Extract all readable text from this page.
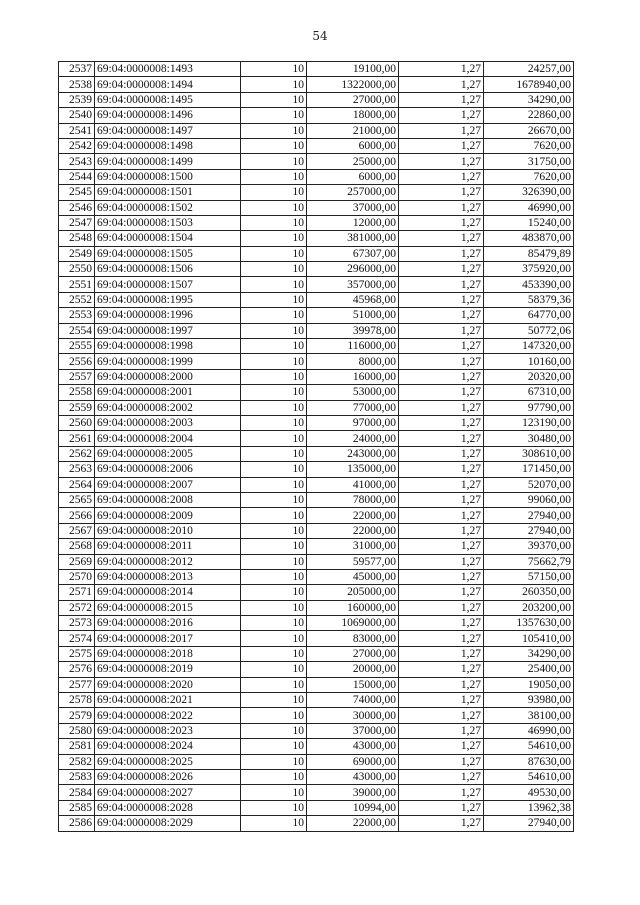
54
2537	69:04:0000008:1493	10	19100,00	1,27	24257,00
2538	69:04:0000008:1494	10	1322000,00	1,27	1678940,00
2539	69:04:0000008:1495	10	27000,00	1,27	34290,00
2540	69:04:0000008:1496	10	18000,00	1,27	22860,00
2541	69:04:0000008:1497	10	21000,00	1,27	26670,00
2542	69:04:0000008:1498	10	6000,00	1,27	7620,00
2543	69:04:0000008:1499	10	25000,00	1,27	31750,00
2544	69:04:0000008:1500	10	6000,00	1,27	7620,00
2545	69:04:0000008:1501	10	257000,00	1,27	326390,00
2546	69:04:0000008:1502	10	37000,00	1,27	46990,00
2547	69:04:0000008:1503	10	12000,00	1,27	15240,00
2548	69:04:0000008:1504	10	381000,00	1,27	483870,00
2549	69:04:0000008:1505	10	67307,00	1,27	85479,89
2550	69:04:0000008:1506	10	296000,00	1,27	375920,00
2551	69:04:0000008:1507	10	357000,00	1,27	453390,00
2552	69:04:0000008:1995	10	45968,00	1,27	58379,36
2553	69:04:0000008:1996	10	51000,00	1,27	64770,00
2554	69:04:0000008:1997	10	39978,00	1,27	50772,06
2555	69:04:0000008:1998	10	116000,00	1,27	147320,00
2556	69:04:0000008:1999	10	8000,00	1,27	10160,00
2557	69:04:0000008:2000	10	16000,00	1,27	20320,00
2558	69:04:0000008:2001	10	53000,00	1,27	67310,00
2559	69:04:0000008:2002	10	77000,00	1,27	97790,00
2560	69:04:0000008:2003	10	97000,00	1,27	123190,00
2561	69:04:0000008:2004	10	24000,00	1,27	30480,00
2562	69:04:0000008:2005	10	243000,00	1,27	308610,00
2563	69:04:0000008:2006	10	135000,00	1,27	171450,00
2564	69:04:0000008:2007	10	41000,00	1,27	52070,00
2565	69:04:0000008:2008	10	78000,00	1,27	99060,00
2566	69:04:0000008:2009	10	22000,00	1,27	27940,00
2567	69:04:0000008:2010	10	22000,00	1,27	27940,00
2568	69:04:0000008:2011	10	31000,00	1,27	39370,00
2569	69:04:0000008:2012	10	59577,00	1,27	75662,79
2570	69:04:0000008:2013	10	45000,00	1,27	57150,00
2571	69:04:0000008:2014	10	205000,00	1,27	260350,00
2572	69:04:0000008:2015	10	160000,00	1,27	203200,00
2573	69:04:0000008:2016	10	1069000,00	1,27	1357630,00
2574	69:04:0000008:2017	10	83000,00	1,27	105410,00
2575	69:04:0000008:2018	10	27000,00	1,27	34290,00
2576	69:04:0000008:2019	10	20000,00	1,27	25400,00
2577	69:04:0000008:2020	10	15000,00	1,27	19050,00
2578	69:04:0000008:2021	10	74000,00	1,27	93980,00
2579	69:04:0000008:2022	10	30000,00	1,27	38100,00
2580	69:04:0000008:2023	10	37000,00	1,27	46990,00
2581	69:04:0000008:2024	10	43000,00	1,27	54610,00
2582	69:04:0000008:2025	10	69000,00	1,27	87630,00
2583	69:04:0000008:2026	10	43000,00	1,27	54610,00
2584	69:04:0000008:2027	10	39000,00	1,27	49530,00
2585	69:04:0000008:2028	10	10994,00	1,27	13962,38
2586	69:04:0000008:2029	10	22000,00	1,27	27940,00
